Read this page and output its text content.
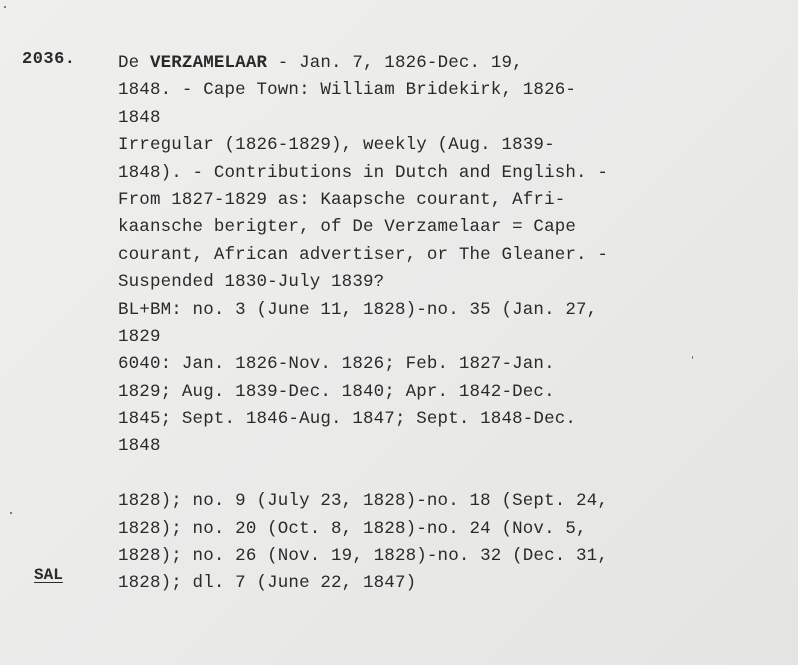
2036. De VERZAMELAAR - Jan. 7, 1826-Dec. 19,
1848. - Cape Town: William Bridekirk, 1826-
1848
Irregular (1826-1829), weekly (Aug. 1839-
1848). - Contributions in Dutch and English. -
From 1827-1829 as: Kaapsche courant, Afri-
kaansche berigter, of De Verzamelaar = Cape
courant, African advertiser, or The Gleaner. -
Suspended 1830-July 1839?
BL+BM: no. 3 (June 11, 1828)-no. 35 (Jan. 27,
1829
6040: Jan. 1826-Nov. 1826; Feb. 1827-Jan.
1829; Aug. 1839-Dec. 1840; Apr. 1842-Dec.
1845; Sept. 1846-Aug. 1847; Sept. 1848-Dec.
1848
1828); no. 9 (July 23, 1828)-no. 18 (Sept. 24,
1828); no. 20 (Oct. 8, 1828)-no. 24 (Nov. 5,
1828); no. 26 (Nov. 19, 1828)-no. 32 (Dec. 31,
1828); dl. 7 (June 22, 1847)
SAL
